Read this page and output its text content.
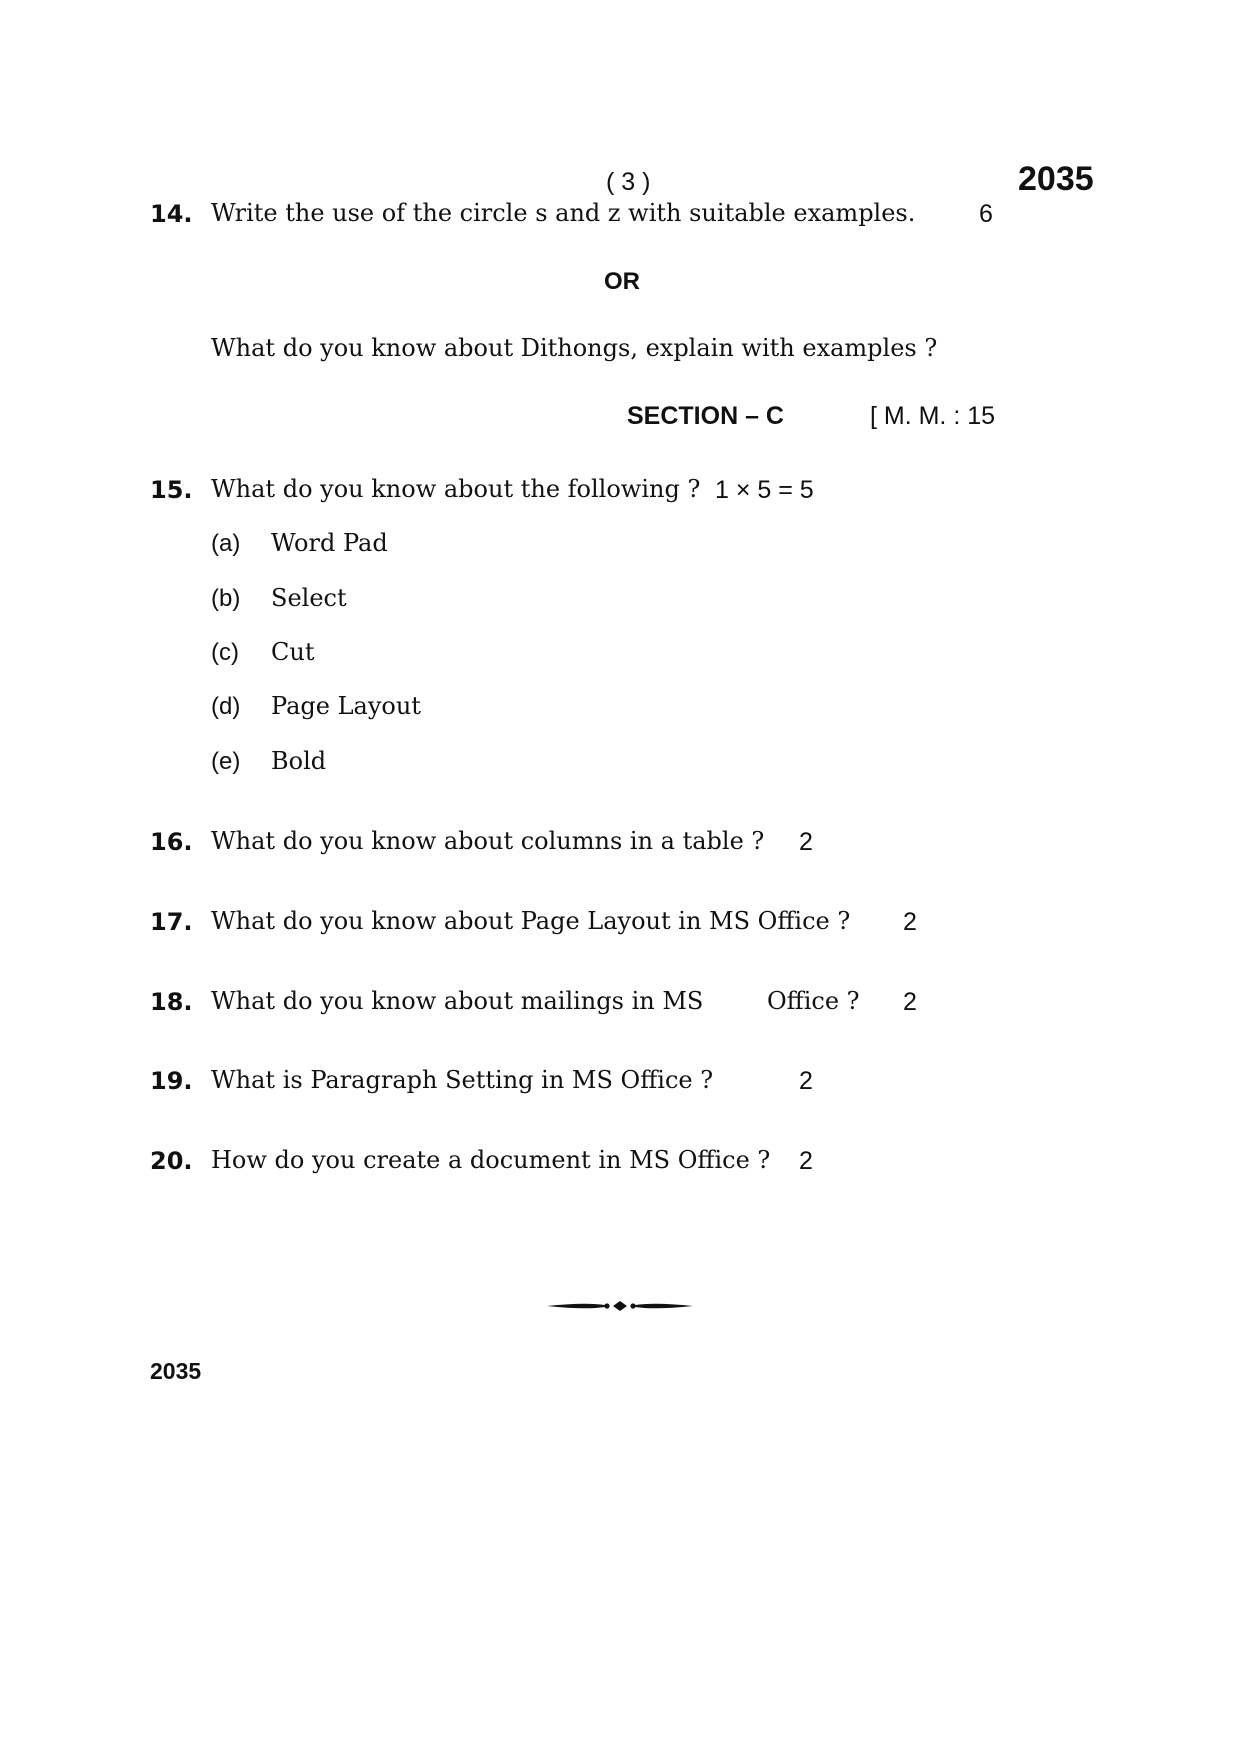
( 3 )	2035
14. Write the use of the circle s and z with suitable examples.	6
OR
What do you know about Dithongs, explain with examples ?
SECTION – C	[ M. M. : 15
15. What do you know about the following ? 1 × 5 = 5
(a) Word Pad
(b) Select
(c) Cut
(d) Page Layout
(e) Bold
16. What do you know about columns in a table ? 2
17. What do you know about Page Layout in MS Office ? 2
18. What do you know about mailings in MS	Office ? 2
19. What is Paragraph Setting in MS Office ?	2
20. How do you create a document in MS Office ? 2
2035
